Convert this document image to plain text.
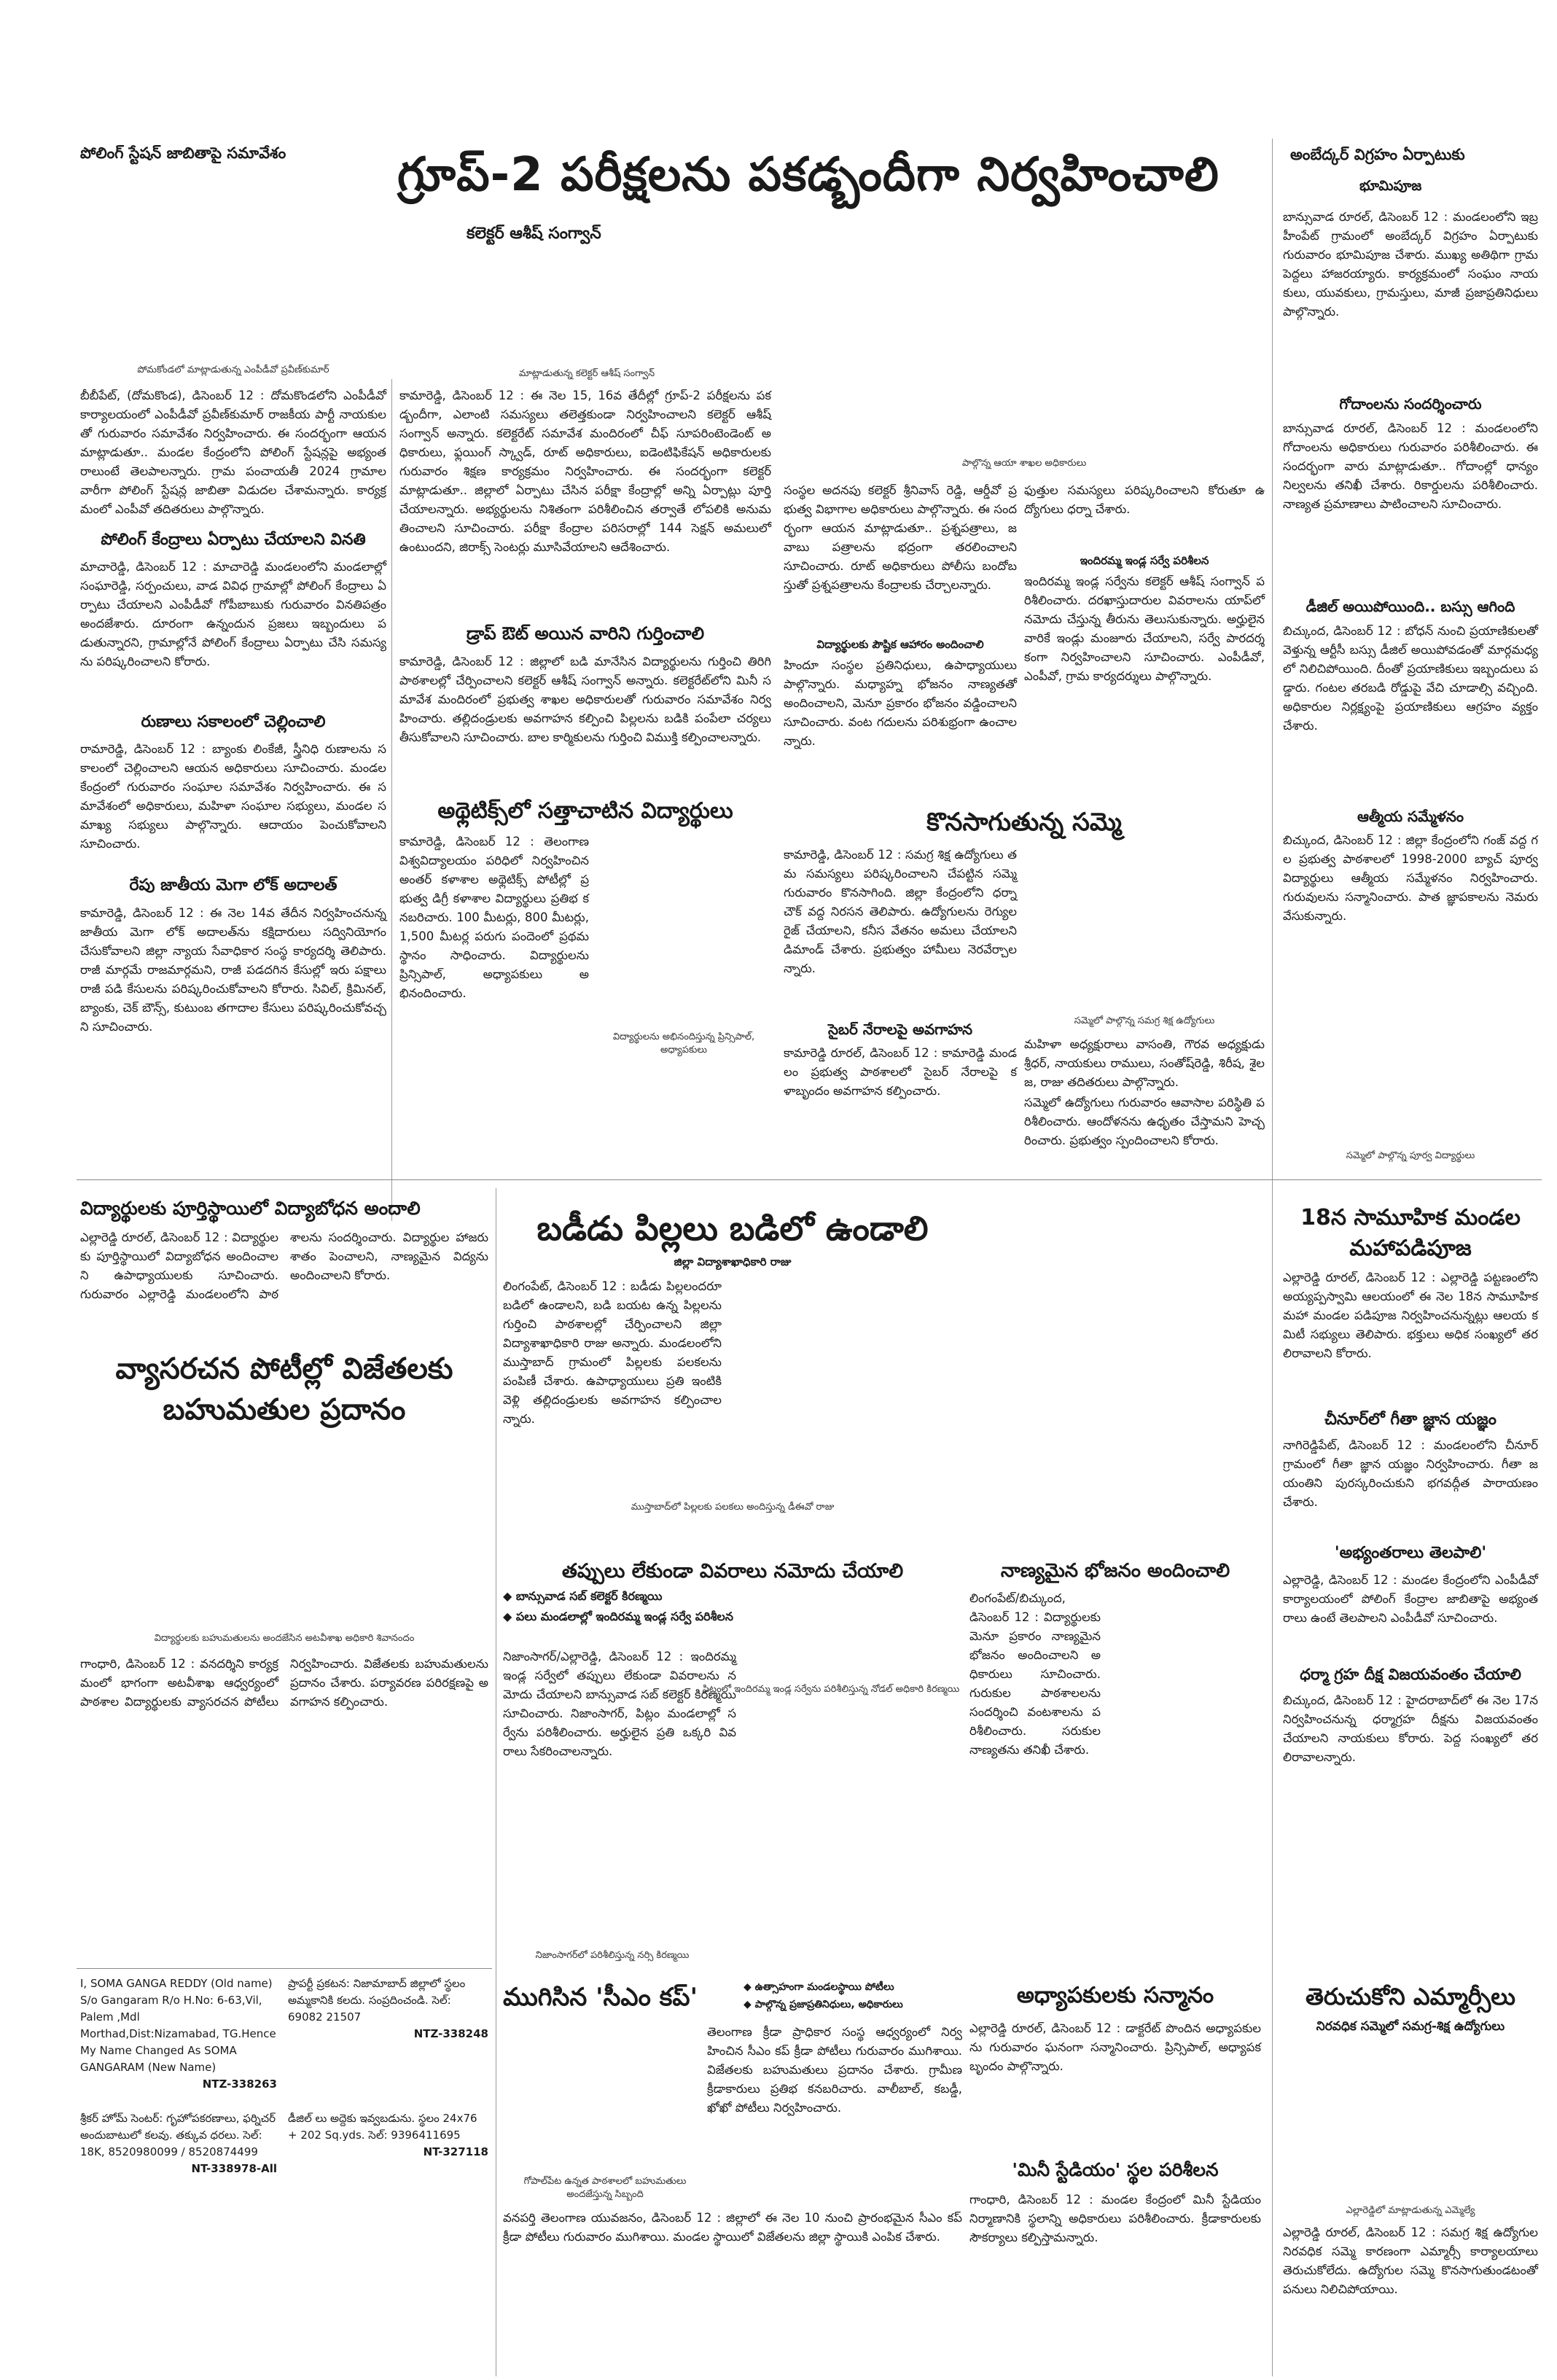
పోలింగ్ స్టేషన్ జాబితాపై సమావేశం	గ్రూప్-2 పరీక్షలను పకడ్బందీగా నిర్వహించాలి
కలెక్టర్ ఆశీష్ సంగ్వాన్
అంబేద్కర్ విగ్రహం ఏర్పాటుకు
భూమిపూజ
పోమకోండలో మాట్లాడుతున్న ఎంపీడీవో ప్రవీణ్‌కుమార్	మాట్లాడుతున్న కలెక్టర్ ఆశీష్ సంగ్వాన్
పాల్గొన్న ఆయా శాఖల అధికారులు
బీబీపేట్, (దోమకొండ), డిసెంబర్ 12 : దోమకొండలోని ఎంపీడీవో కార్యాలయంలో ఎంపీడీవో ప్రవీణ్‌కుమార్ రాజకీయ పార్టీ నాయకులతో గురువారం సమావేశం నిర్వహించారు. ఈ సందర్భంగా ఆయన మాట్లాడుతూ.. మండల కేంద్రంలోని పోలింగ్ స్టేషన్లపై అభ్యంతరాలుంటే తెలపాలన్నారు. గ్రామ పంచాయతీ 2024 గ్రామాల వారీగా పోలింగ్ స్టేషన్ల జాబితా విడుదల చేశామన్నారు. కార్యక్రమంలో ఎంపీవో తదితరులు పాల్గొన్నారు.
పోలింగ్ కేంద్రాలు ఏర్పాటు చేయాలని వినతి
మాచారెడ్డి, డిసెంబర్ 12 : మాచారెడ్డి మండలంలోని మండలాల్లో సంఘారెడ్డి, సర్పంచులు, వాడ వివిధ గ్రామాల్లో పోలింగ్ కేంద్రాలు ఏర్పాటు చేయాలని ఎంపీడీవో గోపీబాబుకు గురువారం వినతిపత్రం అందజేశారు. దూరంగా ఉన్నందున ప్రజలు ఇబ్బందులు పడుతున్నారని, గ్రామాల్లోనే పోలింగ్ కేంద్రాలు ఏర్పాటు చేసి సమస్యను పరిష్కరించాలని కోరారు.
రుణాలు సకాలంలో చెల్లించాలి
రామారెడ్డి, డిసెంబర్ 12 : బ్యాంకు లింకేజీ, స్త్రీనిధి రుణాలను సకాలంలో చెల్లించాలని ఆయన అధికారులు సూచించారు. మండల కేంద్రంలో గురువారం సంఘాల సమావేశం నిర్వహించారు. ఈ సమావేశంలో అధికారులు, మహిళా సంఘాల సభ్యులు, మండల సమాఖ్య సభ్యులు పాల్గొన్నారు. ఆదాయం పెంచుకోవాలని సూచించారు.
రేపు జాతీయ మెగా లోక్ అదాలత్
కామారెడ్డి, డిసెంబర్ 12 : ఈ నెల 14వ తేదీన నిర్వహించనున్న జాతీయ మెగా లోక్ అదాలత్‌ను కక్షిదారులు సద్వినియోగం చేసుకోవాలని జిల్లా న్యాయ సేవాధికార సంస్థ కార్యదర్శి తెలిపారు. రాజీ మార్గమే రాజమార్గమని, రాజీ పడదగిన కేసుల్లో ఇరు పక్షాలు రాజీ పడి కేసులను పరిష్కరించుకోవాలని కోరారు. సివిల్, క్రిమినల్, బ్యాంకు, చెక్ బౌన్స్, కుటుంబ తగాదాల కేసులు పరిష్కరించుకోవచ్చని సూచించారు.
కామారెడ్డి, డిసెంబర్ 12 : ఈ నెల 15, 16వ తేదీల్లో గ్రూప్-2 పరీక్షలను పకడ్బందీగా, ఎలాంటి సమస్యలు తలెత్తకుండా నిర్వహించాలని కలెక్టర్ ఆశీష్ సంగ్వాన్ అన్నారు. కలెక్టరేట్ సమావేశ మందిరంలో చీఫ్ సూపరింటెండెంట్ అధికారులు, ఫ్లయింగ్ స్క్వాడ్, రూట్ అధికారులు, ఐడెంటిఫికేషన్ అధికారులకు గురువారం శిక్షణ కార్యక్రమం నిర్వహించారు. ఈ సందర్భంగా కలెక్టర్ మాట్లాడుతూ.. జిల్లాలో ఏర్పాటు చేసిన పరీక్షా కేంద్రాల్లో అన్ని ఏర్పాట్లు పూర్తి చేయాలన్నారు. అభ్యర్థులను నిశితంగా పరిశీలించిన తర్వాతే లోపలికి అనుమతించాలని సూచించారు. పరీక్షా కేంద్రాల పరిసరాల్లో 144 సెక్షన్ అమలులో ఉంటుందని, జిరాక్స్ సెంటర్లు మూసివేయాలని ఆదేశించారు.
డ్రాప్ ఔట్ అయిన వారిని గుర్తించాలి
కామారెడ్డి, డిసెంబర్ 12 : జిల్లాలో బడి మానేసిన విద్యార్థులను గుర్తించి తిరిగి పాఠశాలల్లో చేర్పించాలని కలెక్టర్ ఆశీష్ సంగ్వాన్ అన్నారు. కలెక్టరేట్‌లోని మినీ సమావేశ మందిరంలో ప్రభుత్వ శాఖల అధికారులతో గురువారం సమావేశం నిర్వహించారు. తల్లిదండ్రులకు అవగాహన కల్పించి పిల్లలను బడికి పంపేలా చర్యలు తీసుకోవాలని సూచించారు. బాల కార్మికులను గుర్తించి విముక్తి కల్పించాలన్నారు.
అథ్లెటిక్స్‌లో సత్తాచాటిన విద్యార్థులు
కామారెడ్డి, డిసెంబర్ 12 : తెలంగాణ విశ్వవిద్యాలయం పరిధిలో నిర్వహించిన అంతర్ కళాశాల అథ్లెటిక్స్ పోటీల్లో ప్రభుత్వ డిగ్రీ కళాశాల విద్యార్థులు ప్రతిభ కనబరిచారు. 100 మీటర్లు, 800 మీటర్లు, 1,500 మీటర్ల పరుగు పందెంలో ప్రథమ స్థానం సాధించారు. విద్యార్థులను ప్రిన్సిపాల్, అధ్యాపకులు అభినందించారు.
విద్యార్థులను అభినందిస్తున్న ప్రిన్సిపాల్, అధ్యాపకులు
సంస్థల అదనపు కలెక్టర్ శ్రీనివాస్ రెడ్డి, ఆర్డీవో ప్రభుత్వ విభాగాల అధికారులు పాల్గొన్నారు. ఈ సందర్భంగా ఆయన మాట్లాడుతూ.. ప్రశ్నపత్రాలు, జవాబు పత్రాలను భద్రంగా తరలించాలని సూచించారు. రూట్ అధికారులు పోలీసు బందోబస్తుతో ప్రశ్నపత్రాలను కేంద్రాలకు చేర్చాలన్నారు.
విద్యార్థులకు పౌష్టిక ఆహారం అందించాలి
హిందూ సంస్థల ప్రతినిధులు, ఉపాధ్యాయులు పాల్గొన్నారు. మధ్యాహ్న భోజనం నాణ్యతతో అందించాలని, మెనూ ప్రకారం భోజనం వడ్డించాలని సూచించారు. వంట గదులను పరిశుభ్రంగా ఉంచాలన్నారు.
కొనసాగుతున్న సమ్మె
కామారెడ్డి, డిసెంబర్ 12 : సమగ్ర శిక్ష ఉద్యోగులు తమ సమస్యలు పరిష్కరించాలని చేపట్టిన సమ్మె గురువారం కొనసాగింది. జిల్లా కేంద్రంలోని ధర్నా చౌక్ వద్ద నిరసన తెలిపారు. ఉద్యోగులను రెగ్యులరైజ్ చేయాలని, కనీస వేతనం అమలు చేయాలని డిమాండ్ చేశారు. ప్రభుత్వం హామీలు నెరవేర్చాలన్నారు.
సైబర్ నేరాలపై అవగాహన
కామారెడ్డి రూరల్, డిసెంబర్ 12 : కామారెడ్డి మండలం ప్రభుత్వ పాఠశాలలో సైబర్ నేరాలపై కళాబృందం అవగాహన కల్పించారు.
ఫుత్తుల సమస్యలు పరిష్కరించాలని కోరుతూ ఉద్యోగులు ధర్నా చేశారు.
ఇందిరమ్మ ఇండ్ల సర్వే పరిశీలన
ఇందిరమ్మ ఇండ్ల సర్వేను కలెక్టర్ ఆశీష్ సంగ్వాన్ పరిశీలించారు. దరఖాస్తుదారుల వివరాలను యాప్‌లో నమోదు చేస్తున్న తీరును తెలుసుకున్నారు. అర్హులైన వారికే ఇండ్లు మంజూరు చేయాలని, సర్వే పారదర్శకంగా నిర్వహించాలని సూచించారు. ఎంపీడీవో, ఎంపీవో, గ్రామ కార్యదర్శులు పాల్గొన్నారు.
సమ్మెలో పాల్గొన్న సమగ్ర శిక్ష ఉద్యోగులు
మహిళా అధ్యక్షురాలు వాసంతి, గౌరవ అధ్యక్షుడు శ్రీధర్, నాయకులు రాములు, సంతోష్‌రెడ్డి, శిరీష, శైలజ, రాజు తదితరులు పాల్గొన్నారు.
సమ్మెలో ఉద్యోగులు గురువారం ఆవాసాల పరిస్థితి పరిశీలించారు. ఆందోళనను ఉధృతం చేస్తామని హెచ్చరించారు. ప్రభుత్వం స్పందించాలని కోరారు.
బాన్సువాడ రూరల్, డిసెంబర్ 12 : మండలంలోని ఇబ్రహీంపేట్ గ్రామంలో అంబేద్కర్ విగ్రహం ఏర్పాటుకు గురువారం భూమిపూజ చేశారు. ముఖ్య అతిథిగా గ్రామ పెద్దలు హాజరయ్యారు. కార్యక్రమంలో సంఘం నాయకులు, యువకులు, గ్రామస్తులు, మాజీ ప్రజాప్రతినిధులు పాల్గొన్నారు.
గోదాంలను సందర్శించారు
బాన్సువాడ రూరల్, డిసెంబర్ 12 : మండలంలోని గోదాంలను అధికారులు గురువారం పరిశీలించారు. ఈ సందర్భంగా వారు మాట్లాడుతూ.. గోదాంల్లో ధాన్యం నిల్వలను తనిఖీ చేశారు. రికార్డులను పరిశీలించారు. నాణ్యత ప్రమాణాలు పాటించాలని సూచించారు.
డీజిల్ అయిపోయింది.. బస్సు ఆగింది
బిచ్కుంద, డిసెంబర్ 12 : బోధన్ నుంచి ప్రయాణికులతో వెళ్తున్న ఆర్టీసీ బస్సు డీజిల్ అయిపోవడంతో మార్గమధ్యలో నిలిచిపోయింది. దీంతో ప్రయాణికులు ఇబ్బందులు పడ్డారు. గంటల తరబడి రోడ్డుపై వేచి చూడాల్సి వచ్చింది. అధికారుల నిర్లక్ష్యంపై ప్రయాణికులు ఆగ్రహం వ్యక్తం చేశారు.
ఆత్మీయ సమ్మేళనం
బిచ్కుంద, డిసెంబర్ 12 : జిల్లా కేంద్రంలోని గంజ్ వద్ద గల ప్రభుత్వ పాఠశాలలో 1998-2000 బ్యాచ్ పూర్వ విద్యార్థులు ఆత్మీయ సమ్మేళనం నిర్వహించారు. గురువులను సన్మానించారు. పాత జ్ఞాపకాలను నెమరు వేసుకున్నారు.
సమ్మెలో పాల్గొన్న పూర్వ విద్యార్థులు
విద్యార్థులకు పూర్తిస్థాయిలో విద్యాబోధన అందాలి
ఎల్లారెడ్డి రూరల్, డిసెంబర్ 12 : విద్యార్థులకు పూర్తిస్థాయిలో విద్యాబోధన అందించాలని ఉపాధ్యాయులకు సూచించారు. గురువారం ఎల్లారెడ్డి మండలంలోని పాఠశాలను సందర్శించారు. విద్యార్థుల హాజరు శాతం పెంచాలని, నాణ్యమైన విద్యను అందించాలని కోరారు.
వ్యాసరచన పోటీల్లో విజేతలకు బహుమతుల ప్రదానం
విద్యార్థులకు బహుమతులను అందజేసిన అటవీశాఖ అధికారి శివానందం
గాంధారి, డిసెంబర్ 12 : వనదర్శిని కార్యక్రమంలో భాగంగా అటవీశాఖ ఆధ్వర్యంలో పాఠశాల విద్యార్థులకు వ్యాసరచన పోటీలు నిర్వహించారు. విజేతలకు బహుమతులను ప్రదానం చేశారు. పర్యావరణ పరిరక్షణపై అవగాహన కల్పించారు.
బడీడు పిల్లలు బడిలో ఉండాలి
జిల్లా విద్యాశాఖాధికారి రాజు
లింగంపేట్, డిసెంబర్ 12 : బడీడు పిల్లలందరూ బడిలో ఉండాలని, బడి బయట ఉన్న పిల్లలను గుర్తించి పాఠశాలల్లో చేర్పించాలని జిల్లా విద్యాశాఖాధికారి రాజు అన్నారు. మండలంలోని ముస్తాబాద్ గ్రామంలో పిల్లలకు పలకలను పంపిణీ చేశారు. ఉపాధ్యాయులు ప్రతి ఇంటికి వెళ్లి తల్లిదండ్రులకు అవగాహన కల్పించాలన్నారు.
ముస్తాబాద్‌లో పిల్లలకు పలకలు అందిస్తున్న డీఈవో రాజు
తప్పులు లేకుండా వివరాలు నమోదు చేయాలి
◆ బాన్సువాడ సబ్ కలెక్టర్ కిరణ్మయి
◆ పలు మండలాల్లో ఇందిరమ్మ ఇండ్ల సర్వే పరిశీలన
నిజాంసాగర్/ఎల్లారెడ్డి, డిసెంబర్ 12 : ఇందిరమ్మ ఇండ్ల సర్వేలో తప్పులు లేకుండా వివరాలను నమోదు చేయాలని బాన్సువాడ సబ్ కలెక్టర్ కిరణ్మయి సూచించారు. నిజాంసాగర్, పిట్లం మండలాల్లో సర్వేను పరిశీలించారు. అర్హులైన ప్రతి ఒక్కరి వివరాలు సేకరించాలన్నారు.
నిజాంసాగర్‌లో పరిశీలిస్తున్న నర్సి కిరణ్మయి
పిట్లంలో ఇందిరమ్మ ఇండ్ల సర్వేను పరిశీలిస్తున్న నోడల్ అధికారి కిరణ్మయి
నాణ్యమైన భోజనం అందించాలి
లింగంపేట్/బిచ్కుంద, డిసెంబర్ 12 : విద్యార్థులకు మెనూ ప్రకారం నాణ్యమైన భోజనం అందించాలని అధికారులు సూచించారు. గురుకుల పాఠశాలలను సందర్శించి వంటశాలను పరిశీలించారు. సరుకుల నాణ్యతను తనిఖీ చేశారు.
18న సామూహిక మండల మహాపడిపూజ
ఎల్లారెడ్డి రూరల్, డిసెంబర్ 12 : ఎల్లారెడ్డి పట్టణంలోని అయ్యప్పస్వామి ఆలయంలో ఈ నెల 18న సామూహిక మహా మండల పడిపూజ నిర్వహించనున్నట్లు ఆలయ కమిటీ సభ్యులు తెలిపారు. భక్తులు అధిక సంఖ్యలో తరలిరావాలని కోరారు.
చీనూర్‌లో గీతా జ్ఞాన యజ్ఞం
నాగిరెడ్డిపేట్, డిసెంబర్ 12 : మండలంలోని చీనూర్ గ్రామంలో గీతా జ్ఞాన యజ్ఞం నిర్వహించారు. గీతా జయంతిని పురస్కరించుకుని భగవద్గీత పారాయణం చేశారు.
'అభ్యంతరాలు తెలపాలి'
ఎల్లారెడ్డి, డిసెంబర్ 12 : మండల కేంద్రంలోని ఎంపీడీవో కార్యాలయంలో పోలింగ్ కేంద్రాల జాబితాపై అభ్యంతరాలు ఉంటే తెలపాలని ఎంపీడీవో సూచించారు.
ధర్మా గ్రహ దీక్ష విజయవంతం చేయాలి
బిచ్కుంద, డిసెంబర్ 12 : హైదరాబాద్‌లో ఈ నెల 17న నిర్వహించనున్న ధర్మాగ్రహ దీక్షను విజయవంతం చేయాలని నాయకులు కోరారు. పెద్ద సంఖ్యలో తరలిరావాలన్నారు.
I, SOMA GANGA REDDY (Old name) S/o Gangaram R/o H.No: 6-63,Vil, Palem ,Mdl Morthad,Dist:Nizamabad, TG.Hence My Name Changed As SOMA GANGARAM (New Name)
NTZ-338263
ప్రాపర్టీ ప్రకటన: నిజామాబాద్ జిల్లాలో స్థలం అమ్మకానికి కలదు. సంప్రదించండి. సెల్: 69082 21507
NTZ-338248
శ్రీకర్ హోమ్ సెంటర్: గృహోపకరణాలు, ఫర్నిచర్ అందుబాటులో కలవు. తక్కువ ధరలు. సెల్: 18K, 8520980099 / 8520874499
NT-338978-All
డీజిల్ లు అద్దెకు ఇవ్వబడును. స్థలం 24x76 + 202 Sq.yds. సెల్: 9396411695
NT-327118
ముగిసిన 'సీఎం కప్'	◆ ఉత్సాహంగా మండలస్థాయి పోటీలు
◆ పాల్గొన్న ప్రజాప్రతినిధులు, అధికారులు
తెలంగాణ క్రీడా ప్రాధికార సంస్థ ఆధ్వర్యంలో నిర్వహించిన సీఎం కప్ క్రీడా పోటీలు గురువారం ముగిశాయి. విజేతలకు బహుమతులు ప్రదానం చేశారు. గ్రామీణ క్రీడాకారులు ప్రతిభ కనబరిచారు. వాలీబాల్, కబడ్డీ, ఖోఖో పోటీలు నిర్వహించారు.
గోపాల్‌పేట ఉన్నత పాఠశాలలో బహుమతులు అందజేస్తున్న సిబ్బంది
వనపర్తి తెలంగాణ యువజనం, డిసెంబర్ 12 : జిల్లాలో ఈ నెల 10 నుంచి ప్రారంభమైన సీఎం కప్ క్రీడా పోటీలు గురువారం ముగిశాయి. మండల స్థాయిలో విజేతలను జిల్లా స్థాయికి ఎంపిక చేశారు.
అధ్యాపకులకు సన్మానం
ఎల్లారెడ్డి రూరల్, డిసెంబర్ 12 : డాక్టరేట్ పొందిన అధ్యాపకులను గురువారం ఘనంగా సన్మానించారు. ప్రిన్సిపాల్, అధ్యాపక బృందం పాల్గొన్నారు.
'మినీ స్టేడియం' స్థల పరిశీలన
గాంధారి, డిసెంబర్ 12 : మండల కేంద్రంలో మినీ స్టేడియం నిర్మాణానికి స్థలాన్ని అధికారులు పరిశీలించారు. క్రీడాకారులకు సౌకర్యాలు కల్పిస్తామన్నారు.
తెరుచుకోని ఎమ్మార్సీలు
నిరవధిక సమ్మెలో సమగ్ర-శిక్ష ఉద్యోగులు
ఎల్లారెడ్డిలో మాట్లాడుతున్న ఎమ్మెల్యే
ఎల్లారెడ్డి రూరల్, డిసెంబర్ 12 : సమగ్ర శిక్ష ఉద్యోగుల నిరవధిక సమ్మె కారణంగా ఎమ్మార్సీ కార్యాలయాలు తెరుచుకోలేదు. ఉద్యోగుల సమ్మె కొనసాగుతుండటంతో పనులు నిలిచిపోయాయి.
